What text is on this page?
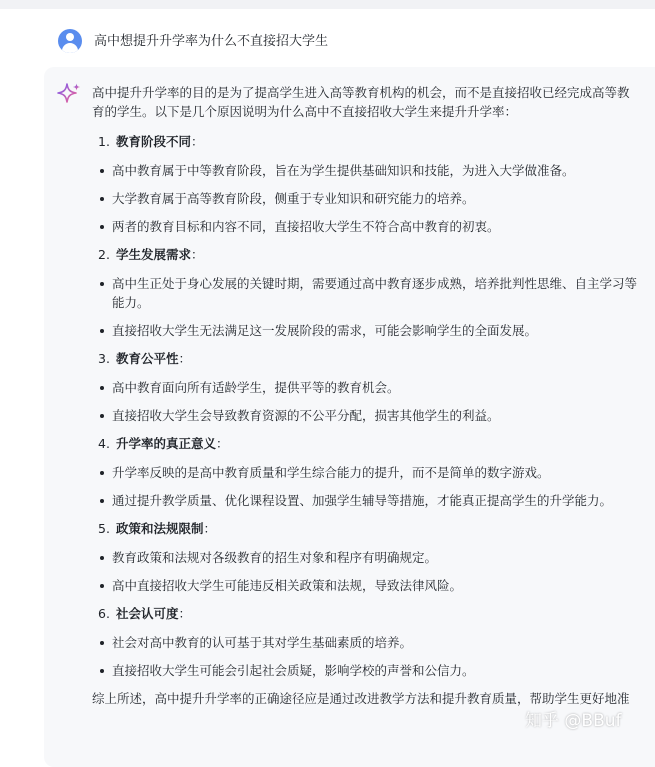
高中想提升升学率为什么不直接招大学生

高中提升升学率的目的是为了提高学生进入高等教育机构的机会，而不是直接招收已经完成高等教育的学生。以下是几个原因说明为什么高中不直接招收大学生来提升升学率：

1. 教育阶段不同：

高中教育属于中等教育阶段，旨在为学生提供基础知识和技能，为进入大学做准备。
大学教育属于高等教育阶段，侧重于专业知识和研究能力的培养。
两者的教育目标和内容不同，直接招收大学生不符合高中教育的初衷。

2. 学生发展需求：

高中生正处于身心发展的关键时期，需要通过高中教育逐步成熟，培养批判性思维、自主学习等能力。
直接招收大学生无法满足这一发展阶段的需求，可能会影响学生的全面发展。

3. 教育公平性：

高中教育面向所有适龄学生，提供平等的教育机会。
直接招收大学生会导致教育资源的不公平分配，损害其他学生的利益。

4. 升学率的真正意义：

升学率反映的是高中教育质量和学生综合能力的提升，而不是简单的数字游戏。
通过提升教学质量、优化课程设置、加强学生辅导等措施，才能真正提高学生的升学能力。

5. 政策和法规限制：

教育政策和法规对各级教育的招生对象和程序有明确规定。
高中直接招收大学生可能违反相关政策和法规，导致法律风险。

6. 社会认可度：

社会对高中教育的认可基于其对学生基础素质的培养。
直接招收大学生可能会引起社会质疑，影响学校的声誉和公信力。

综上所述，高中提升升学率的正确途径应是通过改进教学方法和提升教育质量，帮助学生更好地准

知乎 @BBuf
